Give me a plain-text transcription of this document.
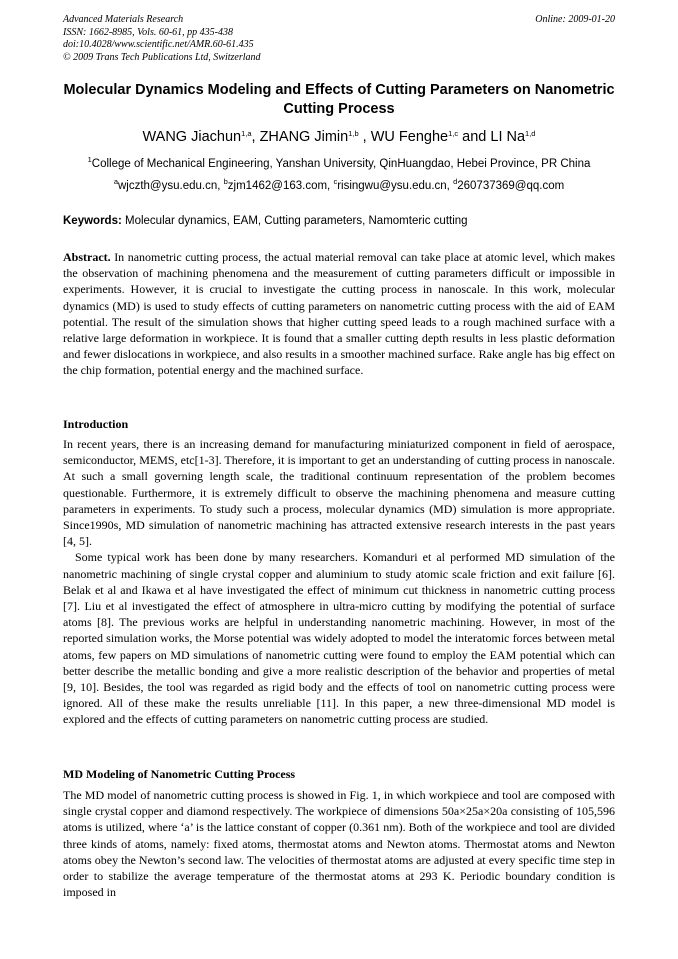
Advanced Materials Research
ISSN: 1662-8985, Vols. 60-61, pp 435-438
doi:10.4028/www.scientific.net/AMR.60-61.435
© 2009 Trans Tech Publications Ltd, Switzerland
Online: 2009-01-20
Molecular Dynamics Modeling and Effects of Cutting Parameters on Nanometric Cutting Process
WANG Jiachun$^{1,a}$, ZHANG Jimin$^{1,b}$ , WU Fenghe$^{1,c}$ and LI Na$^{1,d}$
$^1$College of Mechanical Engineering, Yanshan University, QinHuangdao, Hebei Province, PR China
$^a$wjczth@ysu.edu.cn, $^b$zjm1462@163.com, $^c$risingwu@ysu.edu.cn, $^d$260737369@qq.com
Keywords: Molecular dynamics, EAM, Cutting parameters, Namomteric cutting

Abstract. In nanometric cutting process, the actual material removal can take place at atomic level, which makes the observation of machining phenomena and the measurement of cutting parameters difficult or impossible in experiments. However, it is crucial to investigate the cutting process in nanoscale. In this work, molecular dynamics (MD) is used to study effects of cutting parameters on nanometric cutting process with the aid of EAM potential. The result of the simulation shows that higher cutting speed leads to a rough machined surface with a relative large deformation in workpiece. It is found that a smaller cutting depth results in less plastic deformation and fewer dislocations in workpiece, and also results in a smoother machined surface. Rake angle has big effect on the chip formation, potential energy and the machined surface.

Introduction

In recent years, there is an increasing demand for manufacturing miniaturized component in field of aerospace, semiconductor, MEMS, etc[1-3]. Therefore, it is important to get an understanding of cutting process in nanoscale. At such a small governing length scale, the traditional continuum representation of the problem becomes questionable. Furthermore, it is extremely difficult to observe the machining phenomena and measure cutting parameters in experiments. To study such a process, molecular dynamics (MD) simulation is more appropriate. Since1990s, MD simulation of nanometric machining has attracted extensive research interests in the past years [4, 5].

Some typical work has been done by many researchers. Komanduri et al performed MD simulation of the nanometric machining of single crystal copper and aluminium to study atomic scale friction and exit failure [6]. Belak et al and Ikawa et al have investigated the effect of minimum cut thickness in nanometric cutting process [7]. Liu et al investigated the effect of atmosphere in ultra-micro cutting by modifying the potential of surface atoms [8]. The previous works are helpful in understanding nanometric machining. However, in most of the reported simulation works, the Morse potential was widely adopted to model the interatomic forces between metal atoms, few papers on MD simulations of nanometric cutting were found to employ the EAM potential which can better describe the metallic bonding and give a more realistic description of the behavior and properties of metal [9, 10]. Besides, the tool was regarded as rigid body and the effects of tool on nanometric cutting process were ignored. All of these make the results unreliable [11]. In this paper, a new three-dimensional MD model is explored and the effects of cutting parameters on nanometric cutting process are studied.

MD Modeling of Nanometric Cutting Process

The MD model of nanometric cutting process is showed in Fig. 1, in which workpiece and tool are composed with single crystal copper and diamond respectively. The workpiece of dimensions 50a×25a×20a consisting of 105,596 atoms is utilized, where ‘a’ is the lattice constant of copper (0.361 nm). Both of the workpiece and tool are divided three kinds of atoms, namely: fixed atoms, thermostat atoms and Newton atoms. Thermostat atoms and Newton atoms obey the Newton’s second law. The velocities of thermostat atoms are adjusted at every specific time step in order to stabilize the average temperature of the thermostat atoms at 293 K. Periodic boundary condition is imposed in
